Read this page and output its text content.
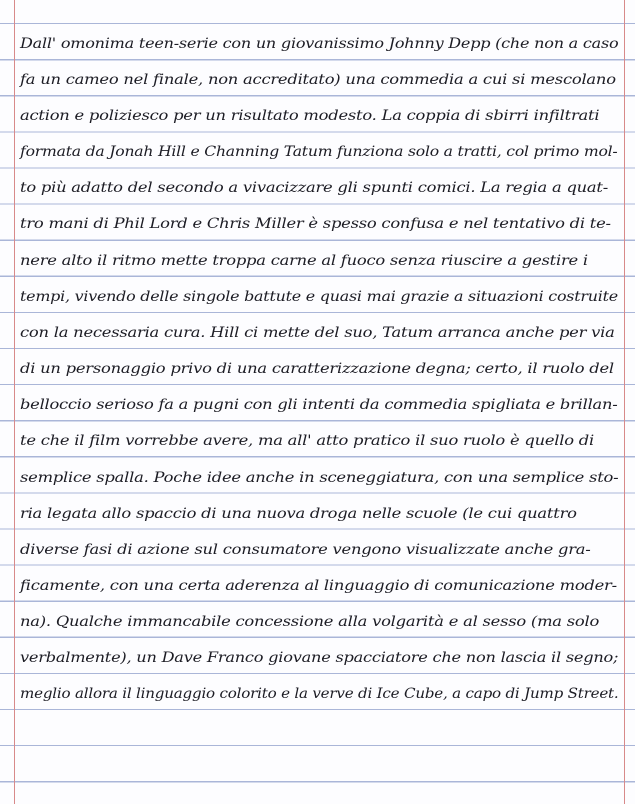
Dall' omonima teen-serie con un giovanissimo Johnny Depp (che non a caso
fa un cameo nel finale, non accreditato) una commedia a cui si mescolano
action e poliziesco per un risultato modesto. La coppia di sbirri infiltrati
formata da Jonah Hill e Channing Tatum funziona solo a tratti, col primo mol-
to più adatto del secondo a vivacizzare gli spunti comici. La regia a quat-
tro mani di Phil Lord e Chris Miller è spesso confusa e nel tentativo di te-
nere alto il ritmo mette troppa carne al fuoco senza riuscire a gestire i
tempi, vivendo delle singole battute e quasi mai grazie a situazioni costruite
con la necessaria cura. Hill ci mette del suo, Tatum arranca anche per via
di un personaggio privo di una caratterizzazione degna; certo, il ruolo del
belloccio serioso fa a pugni con gli intenti da commedia spigliata e brillan-
te che il film vorrebbe avere, ma all' atto pratico il suo ruolo è quello di
semplice spalla. Poche idee anche in sceneggiatura, con una semplice sto-
ria legata allo spaccio di una nuova droga nelle scuole (le cui quattro
diverse fasi di azione sul consumatore vengono visualizzate anche gra-
ficamente, con una certa aderenza al linguaggio di comunicazione moder-
na). Qualche immancabile concessione alla volgarità e al sesso (ma solo
verbalmente), un Dave Franco giovane spacciatore che non lascia il segno;
meglio allora il linguaggio colorito e la verve di Ice Cube, a capo di Jump Street.
